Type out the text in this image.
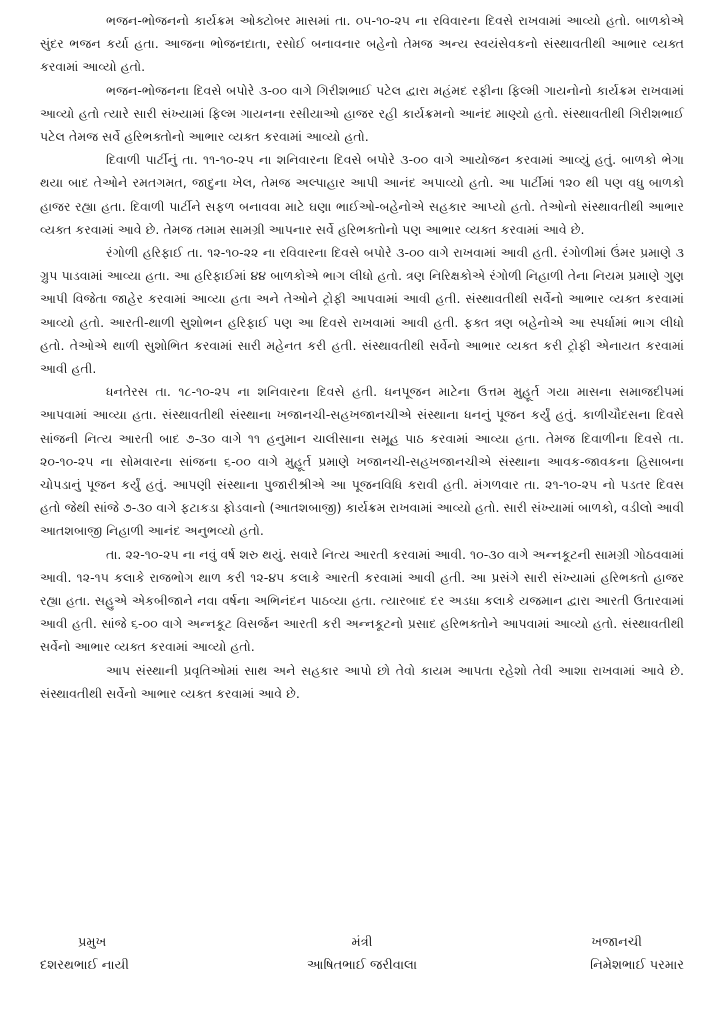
ભજન-ભોજનનો કાર્યક્રમ ઓક્ટોબર માસમાં તા. ૦૫-૧૦-૨૫ ના રવિવારના દિવસે રાખવામાં આવ્યો હતો. બાળકોએ સુંદર ભજન કર્યા હતા. આજના ભોજનદાતા, રસોઈ બનાવનાર બહેનો તેમજ અન્ય સ્વયંસેવકનો સંસ્થાવતીથી આભાર વ્યક્ત કરવામાં આવ્યો હતો.

ભજન-ભોજનના દિવસે બપોરે ૩-૦૦ વાગે ગિરીશભાઈ પટેલ દ્વારા મહંમદ રફીના ફિલ્મી ગાયનોનો કાર્યક્રમ રાખવામાં આવ્યો હતો ત્યારે સારી સંખ્યામાં ફિલ્મ ગાયનના રસીયાઓ હાજર રહી કાર્યક્રમનો આનંદ માણ્યો હતો. સંસ્થાવતીથી ગિરીશભાઈ પટેલ તેમજ સર્વે હરિભક્તોનો આભાર વ્યક્ત કરવામાં આવ્યો હતો.

દિવાળી પાર્ટીનું તા. ૧૧-૧૦-૨૫ ના શનિવારના દિવસે બપોરે ૩-૦૦ વાગે આયોજન કરવામાં આવ્યું હતું. બાળકો ભેગા થયા બાદ તેઓને રમતગમત, જાદુના ખેલ, તેમજ અલ્પાહાર આપી આનંદ અપાવ્યો હતો. આ પાર્ટીમાં ૧૨૦ થી પણ વધુ બાળકો હાજર રહ્યા હતા. દિવાળી પાર્ટીને સફળ બનાવવા માટે ઘણા ભાઈઓ-બહેનોએ સહકાર આપ્યો હતો. તેઓનો સંસ્થાવતીથી આભાર વ્યક્ત કરવામાં આવે છે. તેમજ તમામ સામગ્રી આપનાર સર્વે હરિભક્તોનો પણ આભાર વ્યક્ત કરવામાં આવે છે.

રંગોળી હરિફાઈ તા. ૧૨-૧૦-૨૨ ના રવિવારના દિવસે બપોરે ૩-૦૦ વાગે રાખવામાં આવી હતી. રંગોળીમાં ઉંમર પ્રમાણે ૩ ગ્રુપ પાડવામાં આવ્યા હતા. આ હરિફાઈમાં ૪૪ બાળકોએ ભાગ લીધો હતો. ત્રણ નિરિક્ષકોએ રંગોળી નિહાળી તેના નિયમ પ્રમાણે ગુણ આપી વિજેતા જાહેર કરવામાં આવ્યા હતા અને તેઓને ટ્રોફી આપવામાં આવી હતી. સંસ્થાવતીથી સર્વેનો આભાર વ્યક્ત કરવામાં આવ્યો હતો. આરતી-થાળી સુશોભન હરિફાઈ પણ આ દિવસે રાખવામાં આવી હતી. ફક્ત ત્રણ બહેનોએ આ સ્પર્ધામાં ભાગ લીધો હતો. તેઓએ થાળી સુશોભિત કરવામાં સારી મહેનત કરી હતી. સંસ્થાવતીથી સર્વેનો આભાર વ્યક્ત કરી ટ્રોફી એનાયત કરવામાં આવી હતી.

ધનતેરસ તા. ૧૮-૧૦-૨૫ ના શનિવારના દિવસે હતી. ધનપૂજન માટેના ઉત્તમ મુહૂર્ત ગયા માસના સમાજદીપમાં આપવામાં આવ્યા હતા. સંસ્થાવતીથી સંસ્થાના ખજાનચી-સહખજાનચીએ સંસ્થાના ધનનું પૂજન કર્યું હતું. કાળીચૌદસના દિવસે સાંજની નિત્ય આરતી બાદ ૭-૩૦ વાગે ૧૧ હનુમાન ચાલીસાના સમૂહ પાઠ કરવામાં આવ્યા હતા. તેમજ દિવાળીના દિવસે તા. ૨૦-૧૦-૨૫ ના સોમવારના સાંજના ૬-૦૦ વાગે મુહૂર્ત પ્રમાણે ખજાનચી-સહખજાનચીએ સંસ્થાના આવક-જાવકના હિસાબના ચોપડાનું પૂજન કર્યું હતું. આપણી સંસ્થાના પુજારીશ્રીએ આ પૂજનવિધિ કરાવી હતી. મંગળવાર તા. ૨૧-૧૦-૨૫ નો પડતર દિવસ હતો જેથી સાંજે ૭-૩૦ વાગે ફટાકડા ફોડવાનો (આતશબાજી) કાર્યક્રમ રાખવામાં આવ્યો હતો. સારી સંખ્યામાં બાળકો, વડીલો આવી આતશબાજી નિહાળી આનંદ અનુભવ્યો હતો.

તા. ૨૨-૧૦-૨૫ ના નવું વર્ષ શરુ થયું. સવારે નિત્ય આરતી કરવામાં આવી. ૧૦-૩૦ વાગે અન્નકૂટની સામગ્રી ગોઠવવામાં આવી. ૧૨-૧૫ કલાકે રાજભોગ થાળ કરી ૧૨-૪૫ કલાકે આરતી કરવામાં આવી હતી. આ પ્રસંગે સારી સંખ્યામાં હરિભક્તો હાજર રહ્યા હતા. સહુએ એકબીજાને નવા વર્ષના અભિનંદન પાઠવ્યા હતા. ત્યારબાદ દર અડધા કલાકે યજમાન દ્વારા આરતી ઉતારવામાં આવી હતી. સાંજે ૬-૦૦ વાગે અન્નકૂટ વિસર્જન આરતી કરી અન્નકૂટનો પ્રસાદ હરિભક્તોને આપવામાં આવ્યો હતો. સંસ્થાવતીથી સર્વેનો આભાર વ્યક્ત કરવામાં આવ્યો હતો.

આપ સંસ્થાની પ્રવૃતિઓમાં સાથ અને સહકાર આપો છો તેવો કાયમ આપતા રહેશો તેવી આશા રાખવામાં આવે છે. સંસ્થાવતીથી સર્વેનો આભાર વ્યક્ત કરવામાં આવે છે.

પ્રમુખ
દશરથભાઈ નાયી
મંત્રી
આષિતભાઈ જરીવાલા
ખજાનચી
નિમેશભાઈ પરમાર
